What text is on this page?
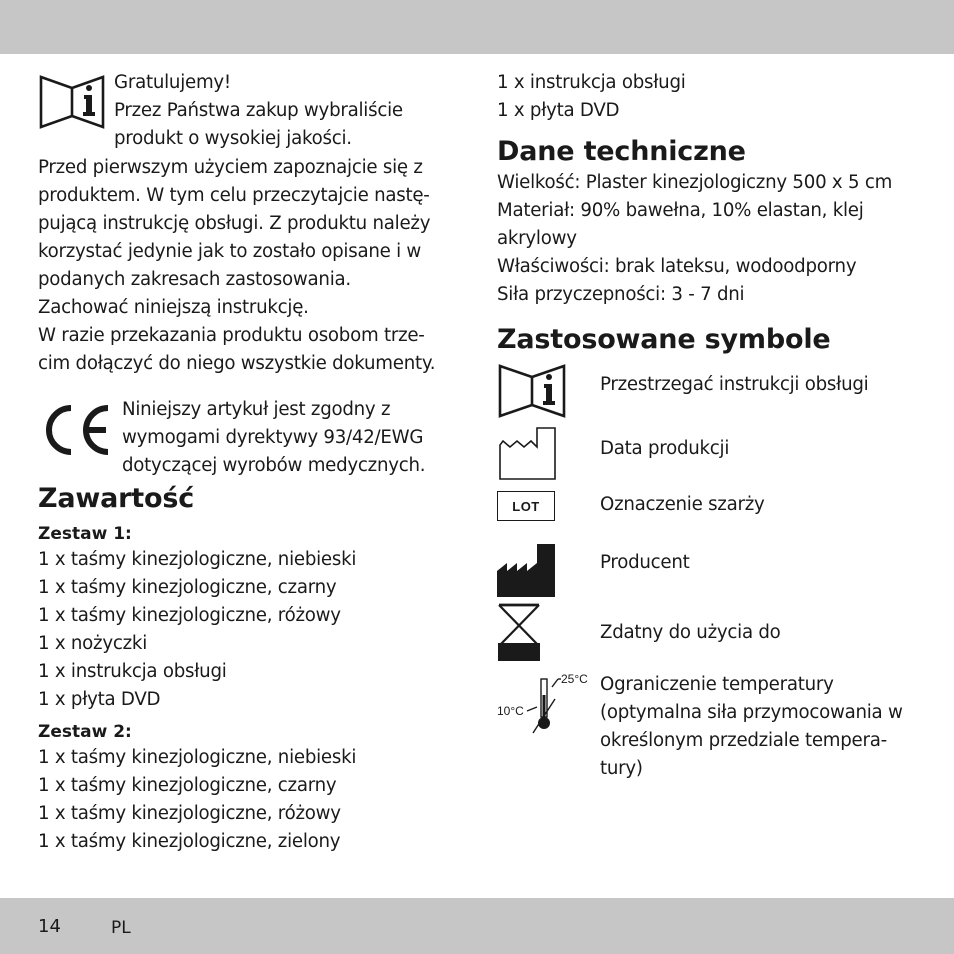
Gratulujemy!
Przez Państwa zakup wybraliście
produkt o wysokiej jakości.
Przed pierwszym użyciem zapoznajcie się z
produktem. W tym celu przeczytajcie nastę-
pującą instrukcję obsługi. Z produktu należy
korzystać jedynie jak to zostało opisane i w
podanych zakresach zastosowania.
Zachować niniejszą instrukcję.
W razie przekazania produktu osobom trze-
cim dołączyć do niego wszystkie dokumenty.
Niniejszy artykuł jest zgodny z
wymogami dyrektywy 93/42/EWG
dotyczącej wyrobów medycznych.
Zawartość
Zestaw 1:
1 x taśmy kinezjologiczne, niebieski
1 x taśmy kinezjologiczne, czarny
1 x taśmy kinezjologiczne, różowy
1 x nożyczki
1 x instrukcja obsługi
1 x płyta DVD
Zestaw 2:
1 x taśmy kinezjologiczne, niebieski
1 x taśmy kinezjologiczne, czarny
1 x taśmy kinezjologiczne, różowy
1 x taśmy kinezjologiczne, zielony
1 x instrukcja obsługi
1 x płyta DVD
Dane techniczne
Wielkość: Plaster kinezjologiczny 500 x 5 cm
Materiał: 90% bawełna, 10% elastan, klej
akrylowy
Właściwości: brak lateksu, wodoodporny
Siła przyczepności: 3 - 7 dni
Zastosowane symbole
Przestrzegać instrukcji obsługi
Data produkcji
LOT	Oznaczenie szarży
Producent
Zdatny do użycia do
25°C
10°C
Ograniczenie temperatury
(optymalna siła przymocowania w
określonym przedziale tempera-
tury)
14	PL
